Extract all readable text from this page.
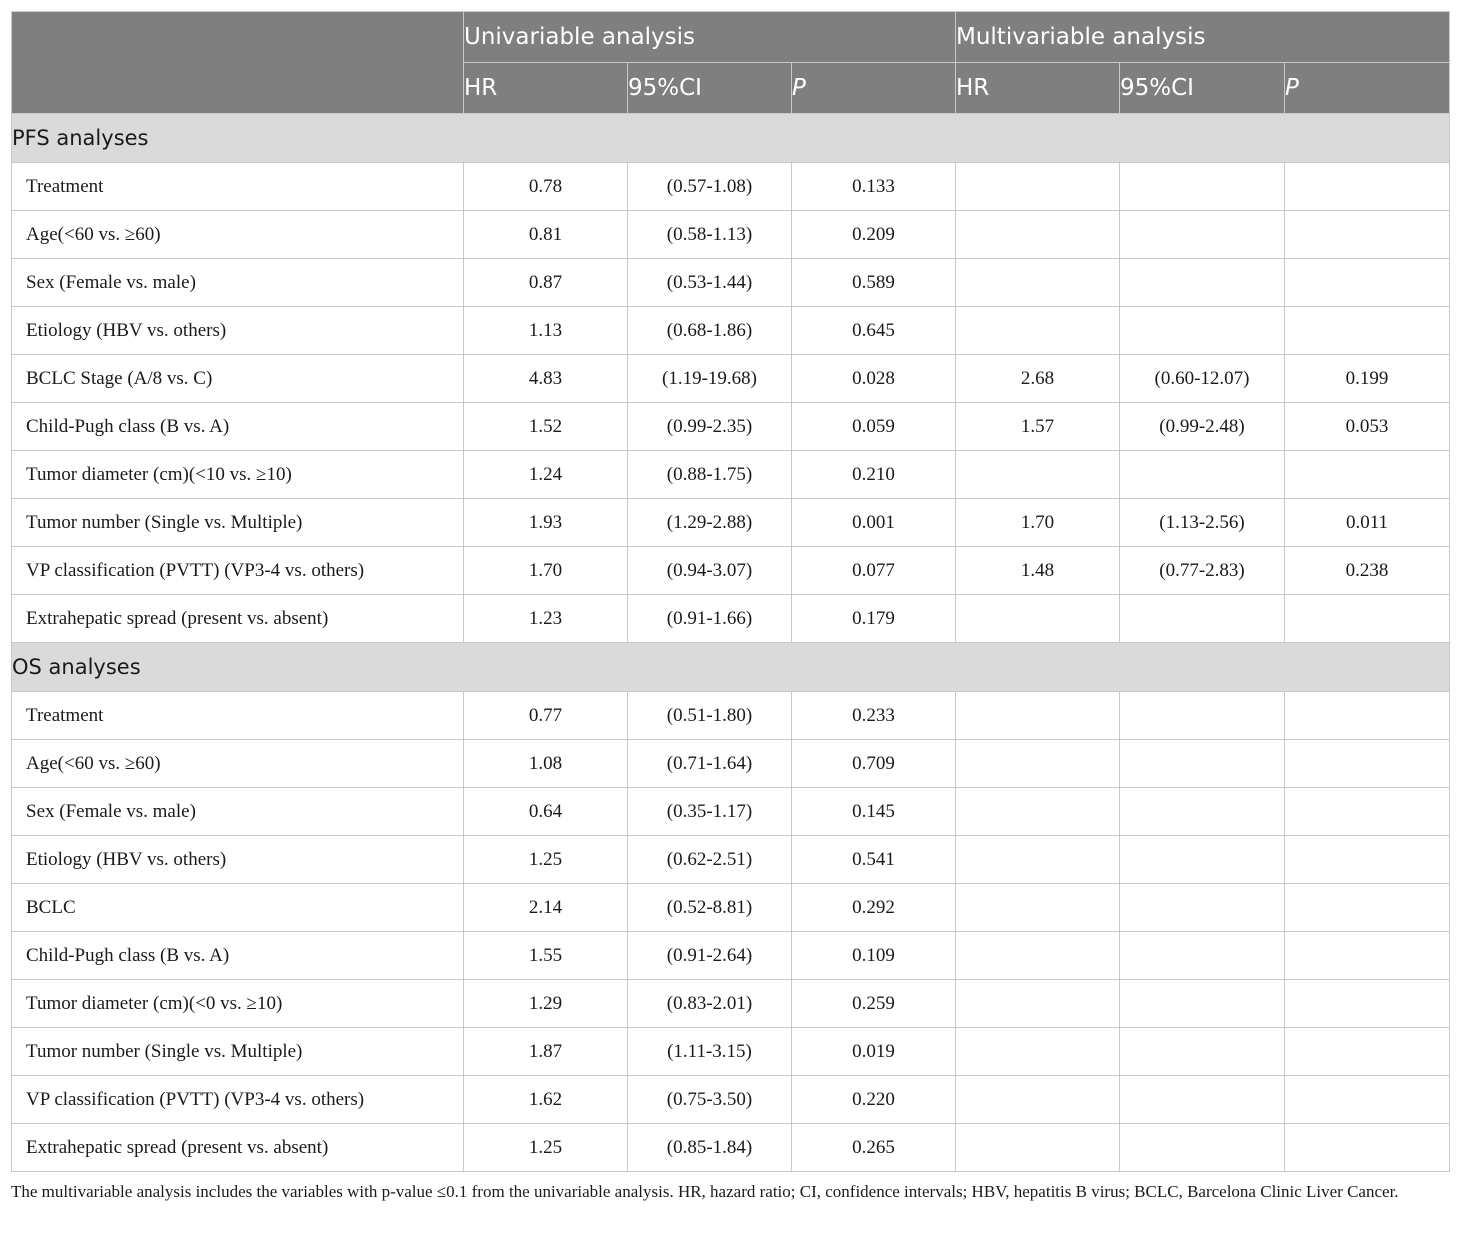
	Univariable analysis			Multivariable analysis		
	HR	95%CI	P	HR	95%CI	P
PFS analyses						
Treatment	0.78	(0.57-1.08)	0.133			
Age(<60 vs. ≥60)	0.81	(0.58-1.13)	0.209			
Sex (Female vs. male)	0.87	(0.53-1.44)	0.589			
Etiology (HBV vs. others)	1.13	(0.68-1.86)	0.645			
BCLC Stage (A/8 vs. C)	4.83	(1.19-19.68)	0.028	2.68	(0.60-12.07)	0.199
Child-Pugh class (B vs. A)	1.52	(0.99-2.35)	0.059	1.57	(0.99-2.48)	0.053
Tumor diameter (cm)(<10 vs. ≥10)	1.24	(0.88-1.75)	0.210			
Tumor number (Single vs. Multiple)	1.93	(1.29-2.88)	0.001	1.70	(1.13-2.56)	0.011
VP classification (PVTT) (VP3-4 vs. others)	1.70	(0.94-3.07)	0.077	1.48	(0.77-2.83)	0.238
Extrahepatic spread (present vs. absent)	1.23	(0.91-1.66)	0.179			
OS analyses						
Treatment	0.77	(0.51-1.80)	0.233			
Age(<60 vs. ≥60)	1.08	(0.71-1.64)	0.709			
Sex (Female vs. male)	0.64	(0.35-1.17)	0.145			
Etiology (HBV vs. others)	1.25	(0.62-2.51)	0.541			
BCLC	2.14	(0.52-8.81)	0.292			
Child-Pugh class (B vs. A)	1.55	(0.91-2.64)	0.109			
Tumor diameter (cm)(<0 vs. ≥10)	1.29	(0.83-2.01)	0.259			
Tumor number (Single vs. Multiple)	1.87	(1.11-3.15)	0.019			
VP classification (PVTT) (VP3-4 vs. others)	1.62	(0.75-3.50)	0.220			
Extrahepatic spread (present vs. absent)	1.25	(0.85-1.84)	0.265			
The multivariable analysis includes the variables with p-value ≤0.1 from the univariable analysis. HR, hazard ratio; CI, confidence intervals; HBV, hepatitis B virus; BCLC, Barcelona Clinic Liver Cancer.
